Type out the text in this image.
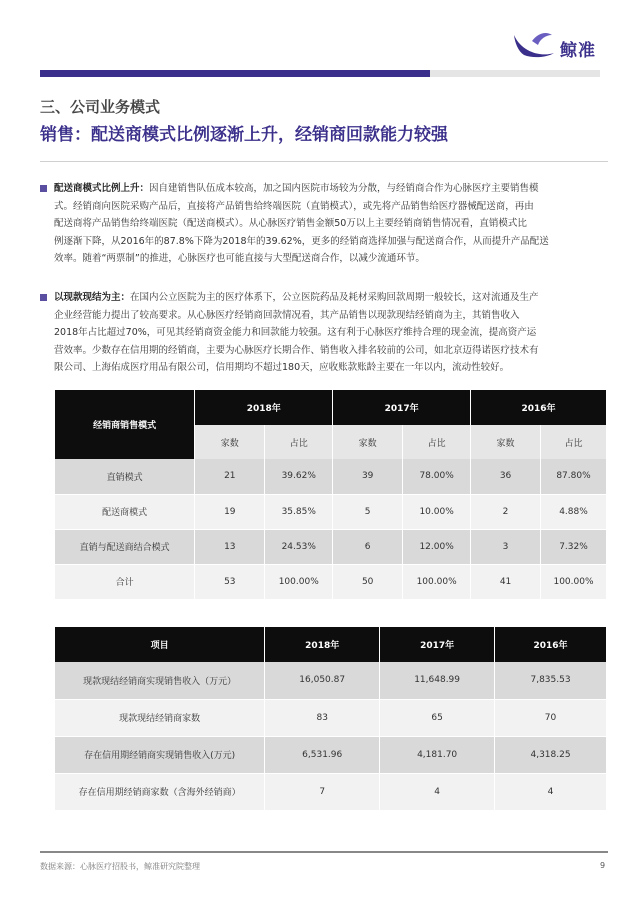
鲸准
三、公司业务模式
销售：配送商模式比例逐渐上升，经销商回款能力较强
配送商模式比例上升：因自建销售队伍成本较高，加之国内医院市场较为分散，与经销商合作为心脉医疗主要销售模
式。经销商向医院采购产品后，直接将产品销售给终端医院（直销模式），或先将产品销售给医疗器械配送商，再由
配送商将产品销售给终端医院（配送商模式）。从心脉医疗销售金额50万以上主要经销商销售情况看，直销模式比
例逐渐下降，从2016年的87.8%下降为2018年的39.62%，更多的经销商选择加强与配送商合作，从而提升产品配送
效率。随着“两票制”的推进，心脉医疗也可能直接与大型配送商合作，以减少流通环节。
以现款现结为主：在国内公立医院为主的医疗体系下，公立医院药品及耗材采购回款周期一般较长，这对流通及生产
企业经营能力提出了较高要求。从心脉医疗经销商回款情况看，其产品销售以现款现结经销商为主，其销售收入
2018年占比超过70%，可见其经销商资金能力和回款能力较强。这有利于心脉医疗维持合理的现金流，提高资产运
营效率。少数存在信用期的经销商，主要为心脉医疗长期合作、销售收入排名较前的公司，如北京迈得诺医疗技术有
限公司、上海佑成医疗用品有限公司，信用期均不超过180天，应收账款账龄主要在一年以内，流动性较好。
经销商销售模式	2018年		2017年		2016年	
	家数	占比	家数	占比	家数	占比
直销模式	21	39.62%	39	78.00%	36	87.80%
配送商模式	19	35.85%	5	10.00%	2	4.88%
直销与配送商结合模式	13	24.53%	6	12.00%	3	7.32%
合计	53	100.00%	50	100.00%	41	100.00%
项目	2018年	2017年	2016年
现款现结经销商实现销售收入（万元）	16,050.87	11,648.99	7,835.53
现款现结经销商家数	83	65	70
存在信用期经销商实现销售收入(万元)	6,531.96	4,181.70	4,318.25
存在信用期经销商家数（含海外经销商）	7	4	4
数据来源：心脉医疗招股书，鲸准研究院整理	9
